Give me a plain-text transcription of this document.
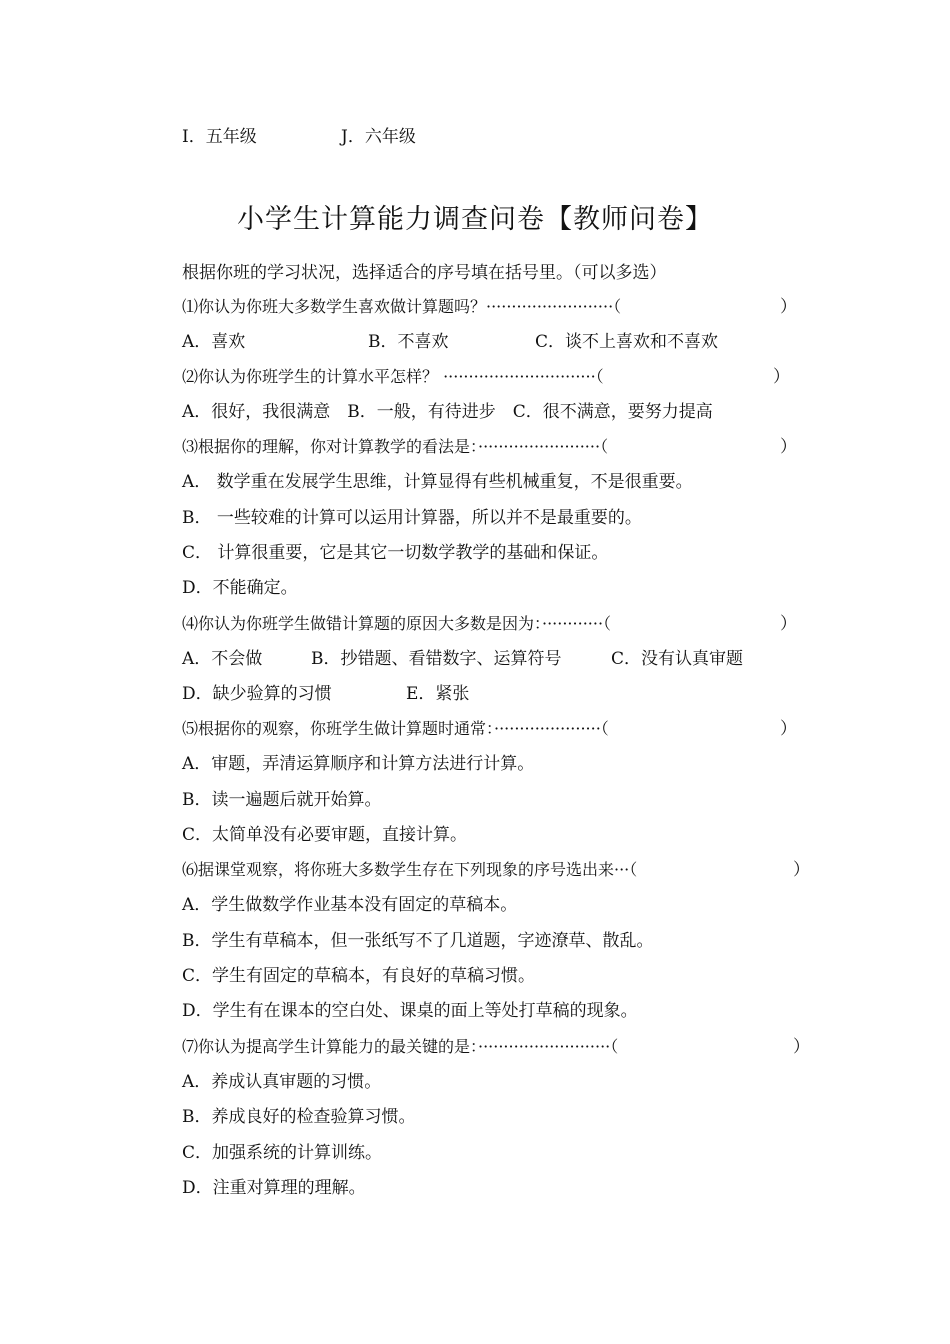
I．五年级	J．六年级
小学生计算能力调查问卷【教师问卷】
根据你班的学习状况，选择适合的序号填在括号里。（可以多选）
⑴你认为你班大多数学生喜欢做计算题吗？·························（	）
A．喜欢	B．不喜欢	C．谈不上喜欢和不喜欢
⑵你认为你班学生的计算水平怎样？ ······························（	）
A．很好，我很满意　B．一般，有待进步　C．很不满意，要努力提高
⑶根据你的理解，你对计算教学的看法是：························（	）
A． 数学重在发展学生思维，计算显得有些机械重复，不是很重要。
B． 一些较难的计算可以运用计算器，所以并不是最重要的。
C． 计算很重要，它是其它一切数学教学的基础和保证。
D．不能确定。
⑷你认为你班学生做错计算题的原因大多数是因为：············（	）
A．不会做	B．抄错题、看错数字、运算符号	C．没有认真审题
D．缺少验算的习惯	E．紧张
⑸根据你的观察，你班学生做计算题时通常：·····················（	）
A．审题，弄清运算顺序和计算方法进行计算。
B．读一遍题后就开始算。
C．太简单没有必要审题，直接计算。
⑹据课堂观察，将你班大多数学生存在下列现象的序号选出来···（	）
A．学生做数学作业基本没有固定的草稿本。
B．学生有草稿本，但一张纸写不了几道题，字迹潦草、散乱。
C．学生有固定的草稿本，有良好的草稿习惯。
D．学生有在课本的空白处、课桌的面上等处打草稿的现象。
⑺你认为提高学生计算能力的最关键的是：··························（	）
A．养成认真审题的习惯。
B．养成良好的检查验算习惯。
C．加强系统的计算训练。
D．注重对算理的理解。
